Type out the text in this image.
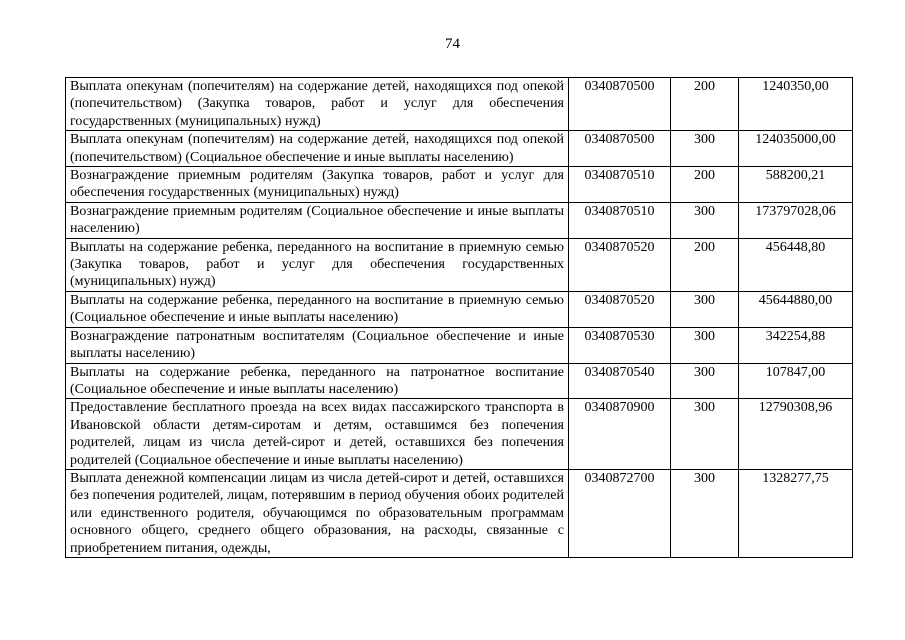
74
Выплата опекунам (попечителям) на содержание детей, находящихся под опекой (попечительством) (Закупка товаров, работ и услуг для обеспечения государственных (муниципальных) нужд)	0340870500	200	1240350,00
Выплата опекунам (попечителям) на содержание детей, находящихся под опекой (попечительством) (Социальное обеспечение и иные выплаты населению)	0340870500	300	124035000,00
Вознаграждение приемным родителям (Закупка товаров, работ и услуг для обеспечения государственных (муниципальных) нужд)	0340870510	200	588200,21
Вознаграждение приемным родителям (Социальное обеспечение и иные выплаты населению)	0340870510	300	173797028,06
Выплаты на содержание ребенка, переданного на воспитание в приемную семью (Закупка товаров, работ и услуг для обеспечения государственных (муниципальных) нужд)	0340870520	200	456448,80
Выплаты на содержание ребенка, переданного на воспитание в приемную семью (Социальное обеспечение и иные выплаты населению)	0340870520	300	45644880,00
Вознаграждение патронатным воспитателям (Социальное обеспечение и иные выплаты населению)	0340870530	300	342254,88
Выплаты на содержание ребенка, переданного на патронатное воспитание (Социальное обеспечение и иные выплаты населению)	0340870540	300	107847,00
Предоставление бесплатного проезда на всех видах пассажирского транспорта в Ивановской области детям-сиротам и детям, оставшимся без попечения родителей, лицам из числа детей-сирот и детей, оставшихся без попечения родителей (Социальное обеспечение и иные выплаты населению)	0340870900	300	12790308,96
Выплата денежной компенсации лицам из числа детей-сирот и детей, оставшихся без попечения родителей, лицам, потерявшим в период обучения обоих родителей или единственного родителя, обучающимся по образовательным программам основного общего, среднего общего образования, на расходы, связанные с приобретением питания, одежды,	0340872700	300	1328277,75
